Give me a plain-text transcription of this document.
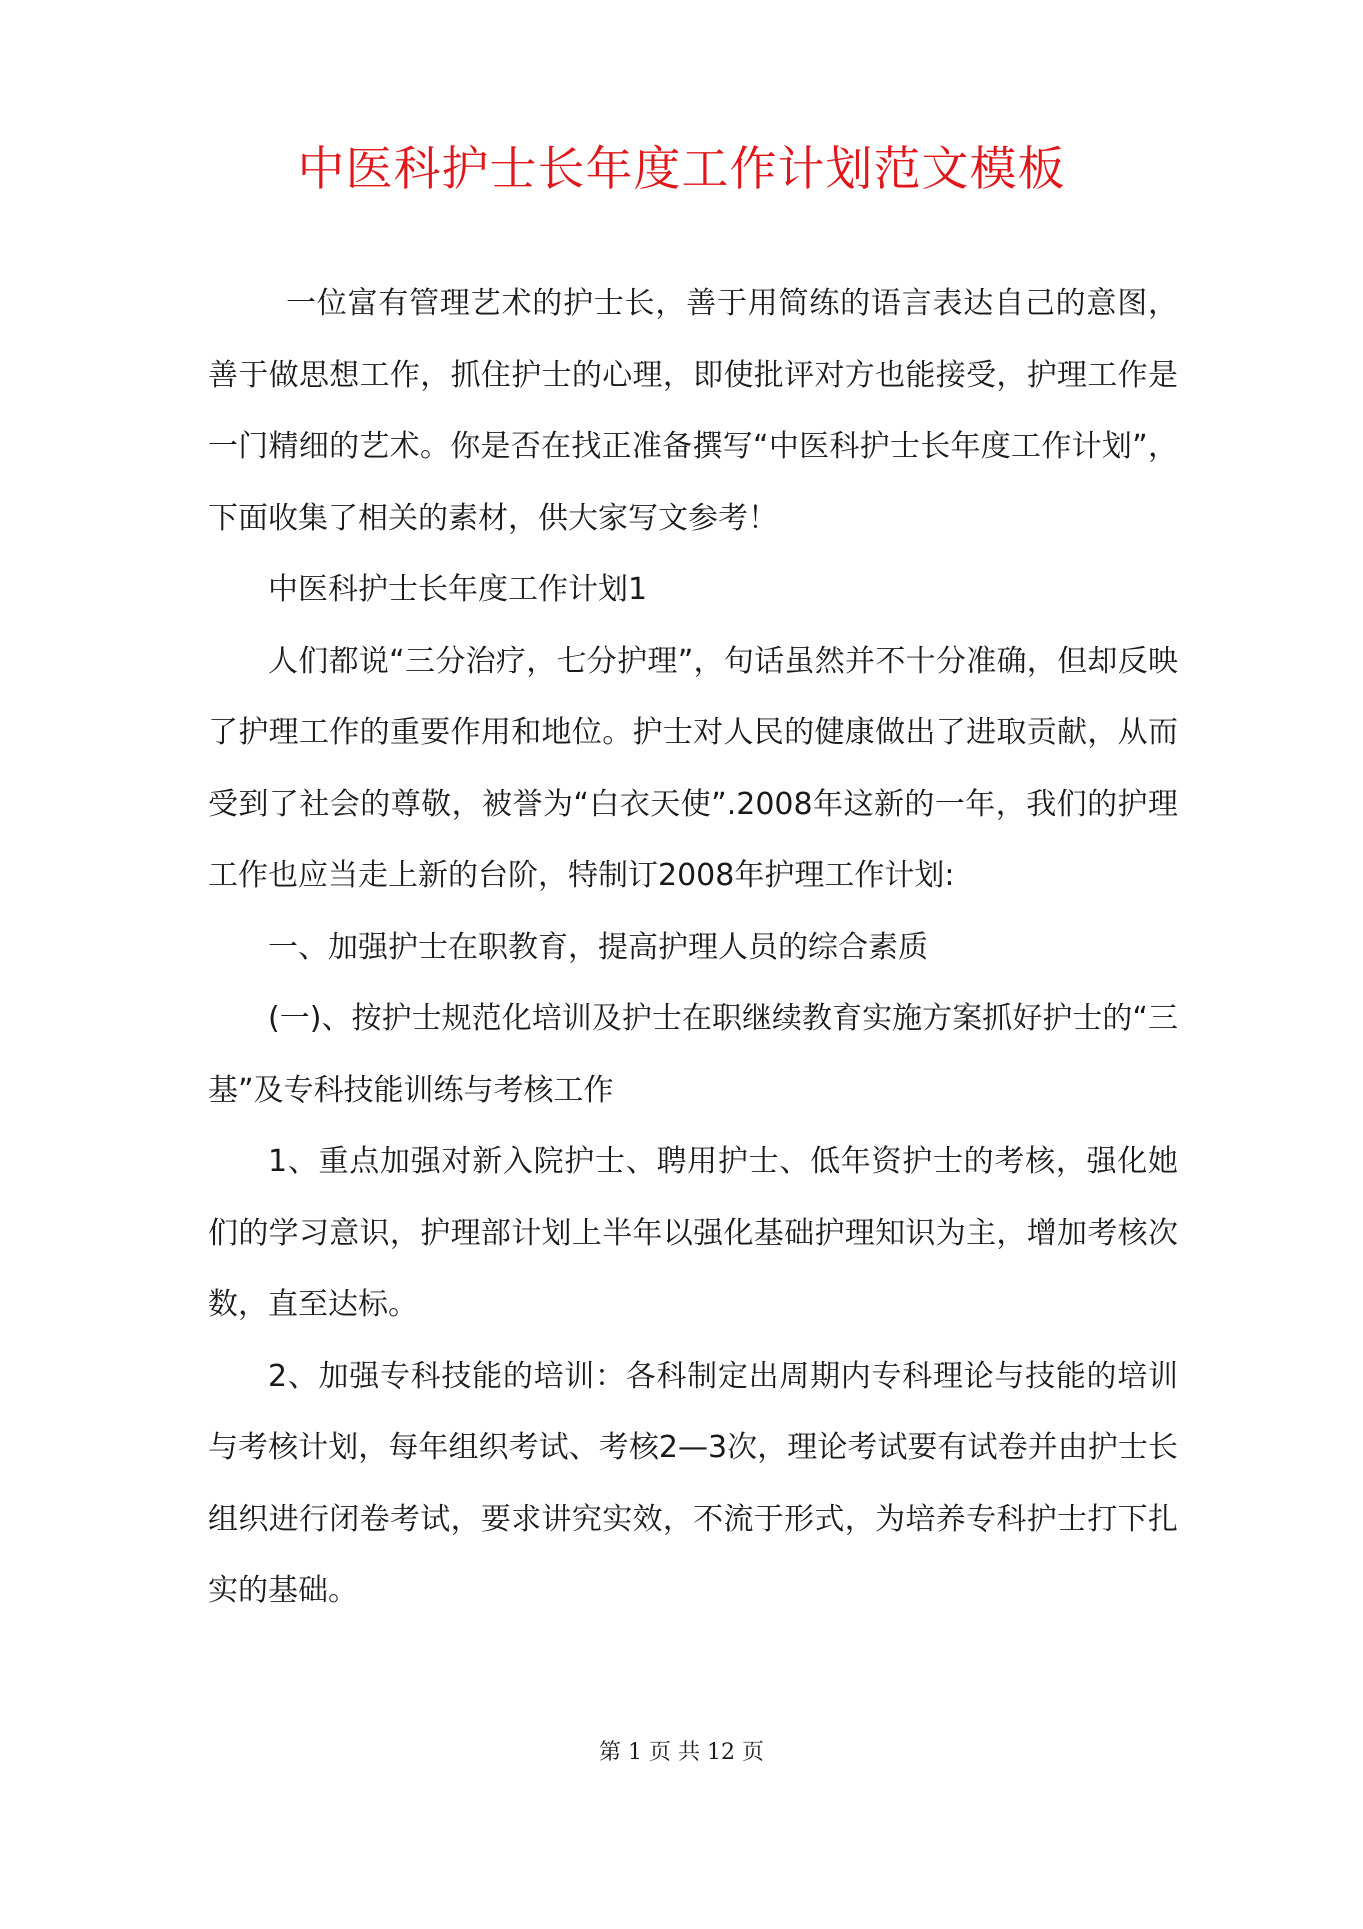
中医科护士长年度工作计划范文模板

一位富有管理艺术的护士长，善于用简练的语言表达自己的意图，善于做思想工作，抓住护士的心理，即使批评对方也能接受，护理工作是一门精细的艺术。你是否在找正准备撰写“中医科护士长年度工作计划”，下面收集了相关的素材，供大家写文参考！

中医科护士长年度工作计划1

人们都说“三分治疗，七分护理”，句话虽然并不十分准确，但却反映了护理工作的重要作用和地位。护士对人民的健康做出了进取贡献，从而受到了社会的尊敬，被誉为“白衣天使”.2008年这新的一年，我们的护理工作也应当走上新的台阶，特制订2008年护理工作计划:

一、加强护士在职教育，提高护理人员的综合素质

(一)、按护士规范化培训及护士在职继续教育实施方案抓好护士的“三基”及专科技能训练与考核工作

1、重点加强对新入院护士、聘用护士、低年资护士的考核，强化她们的学习意识，护理部计划上半年以强化基础护理知识为主，增加考核次数，直至达标。

2、加强专科技能的培训：各科制定出周期内专科理论与技能的培训与考核计划，每年组织考试、考核2—3次，理论考试要有试卷并由护士长组织进行闭卷考试，要求讲究实效，不流于形式，为培养专科护士打下扎实的基础。

第 1 页 共 12 页
